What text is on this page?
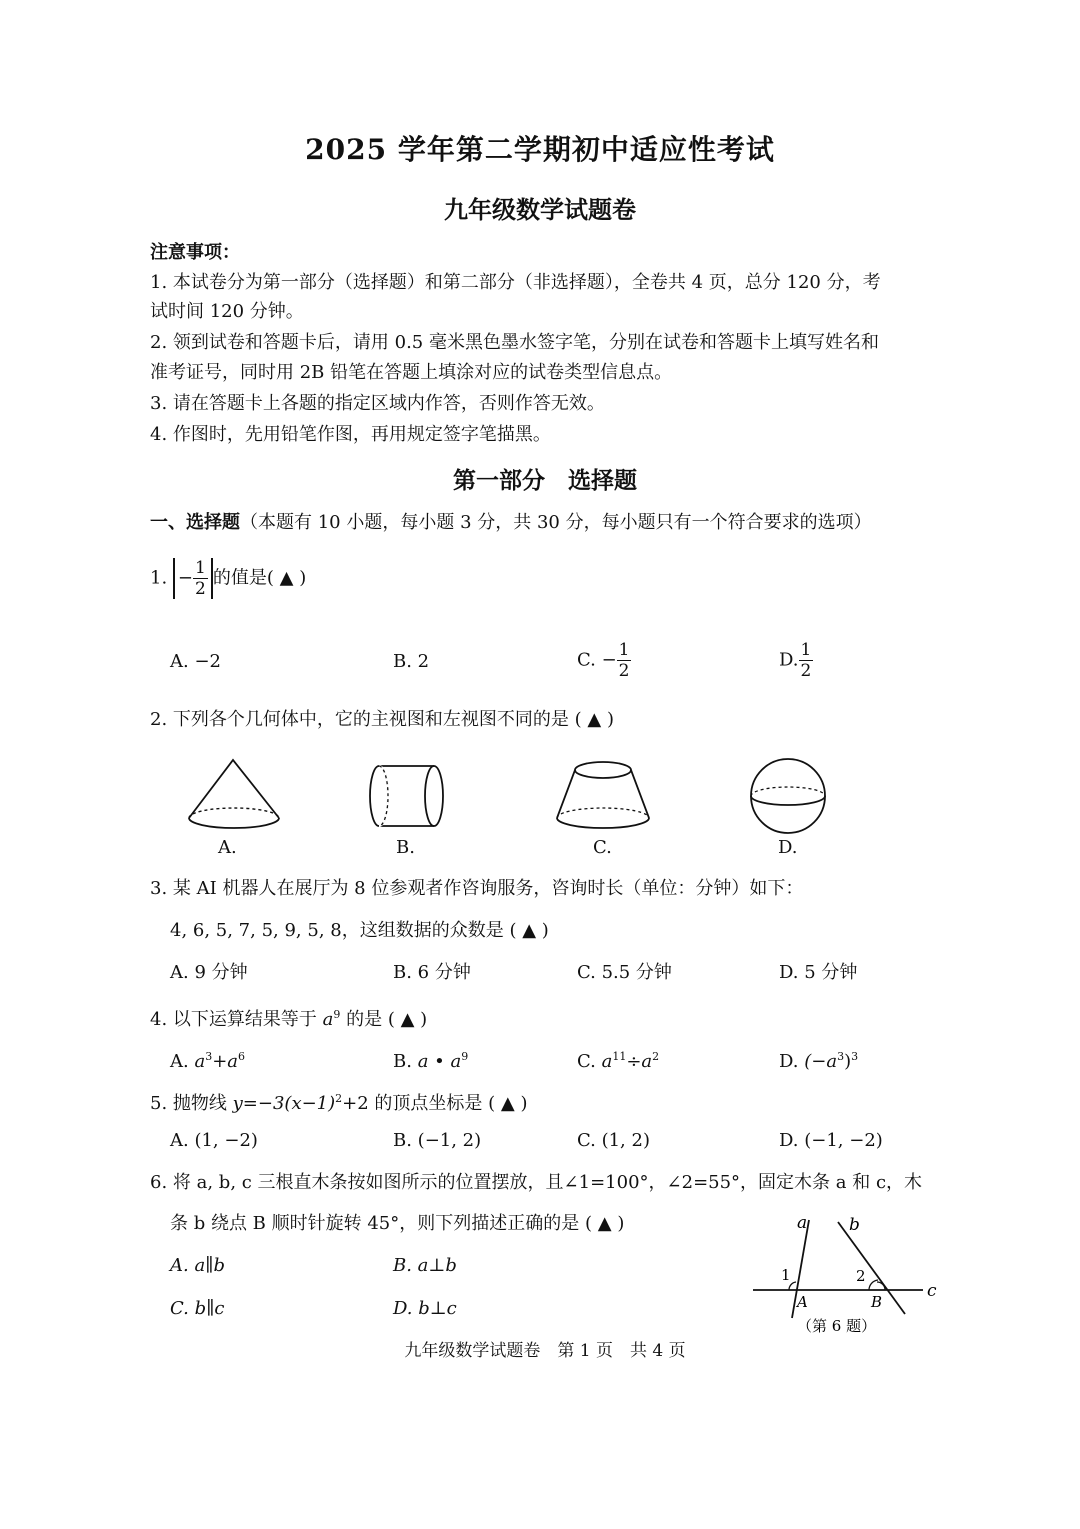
2025 学年第二学期初中适应性考试
九年级数学试题卷
注意事项：
1. 本试卷分为第一部分（选择题）和第二部分（非选择题），全卷共 4 页，总分 120 分，考
试时间 120 分钟。
2. 领到试卷和答题卡后，请用 0.5 毫米黑色墨水签字笔，分别在试卷和答题卡上填写姓名和
准考证号，同时用 2B 铅笔在答题上填涂对应的试卷类型信息点。
3. 请在答题卡上各题的指定区域内作答，否则作答无效。
4. 作图时，先用铅笔作图，再用规定签字笔描黑。
第一部分　选择题
一、选择题（本题有 10 小题，每小题 3 分，共 30 分，每小题只有一个符合要求的选项）
1. − $\frac{1}{2}$ 的值是( ▲ )
A. −2	B. 2	C. − $\frac{1}{2}$	D. $\frac{1}{2}$
2. 下列各个几何体中，它的主视图和左视图不同的是 ( ▲ )
A.	B.	C.	D.
3. 某 AI 机器人在展厅为 8 位参观者作咨询服务，咨询时长（单位：分钟）如下：
4, 6, 5, 7, 5, 9, 5, 8，这组数据的众数是 ( ▲ )
A. 9 分钟	B. 6 分钟	C. 5.5 分钟	D. 5 分钟
4. 以下运算结果等于 $a^9$ 的是 ( ▲ )
A. $a^3+a^6$	B. a • $a^9$	C. $a^{11}\div a^2$	D. $(-a^3)^3$
5. 抛物线 $y=-3(x-1)^2+2$ 的顶点坐标是 ( ▲ )
A. (1, −2)	B. (−1, 2)	C. (1, 2)	D. (−1, −2)
6. 将 a, b, c 三根直木条按如图所示的位置摆放，且∠1=100°，∠2=55°，固定木条 a 和 c，木
条 b 绕点 B 顺时针旋转 45°，则下列描述正确的是 ( ▲ )
A. a∥b	B. a⊥b
C. b∥c	D. b⊥c
a b
c
1	2
A	B
（第 6 题）
九年级数学试题卷　第 1 页　共 4 页
